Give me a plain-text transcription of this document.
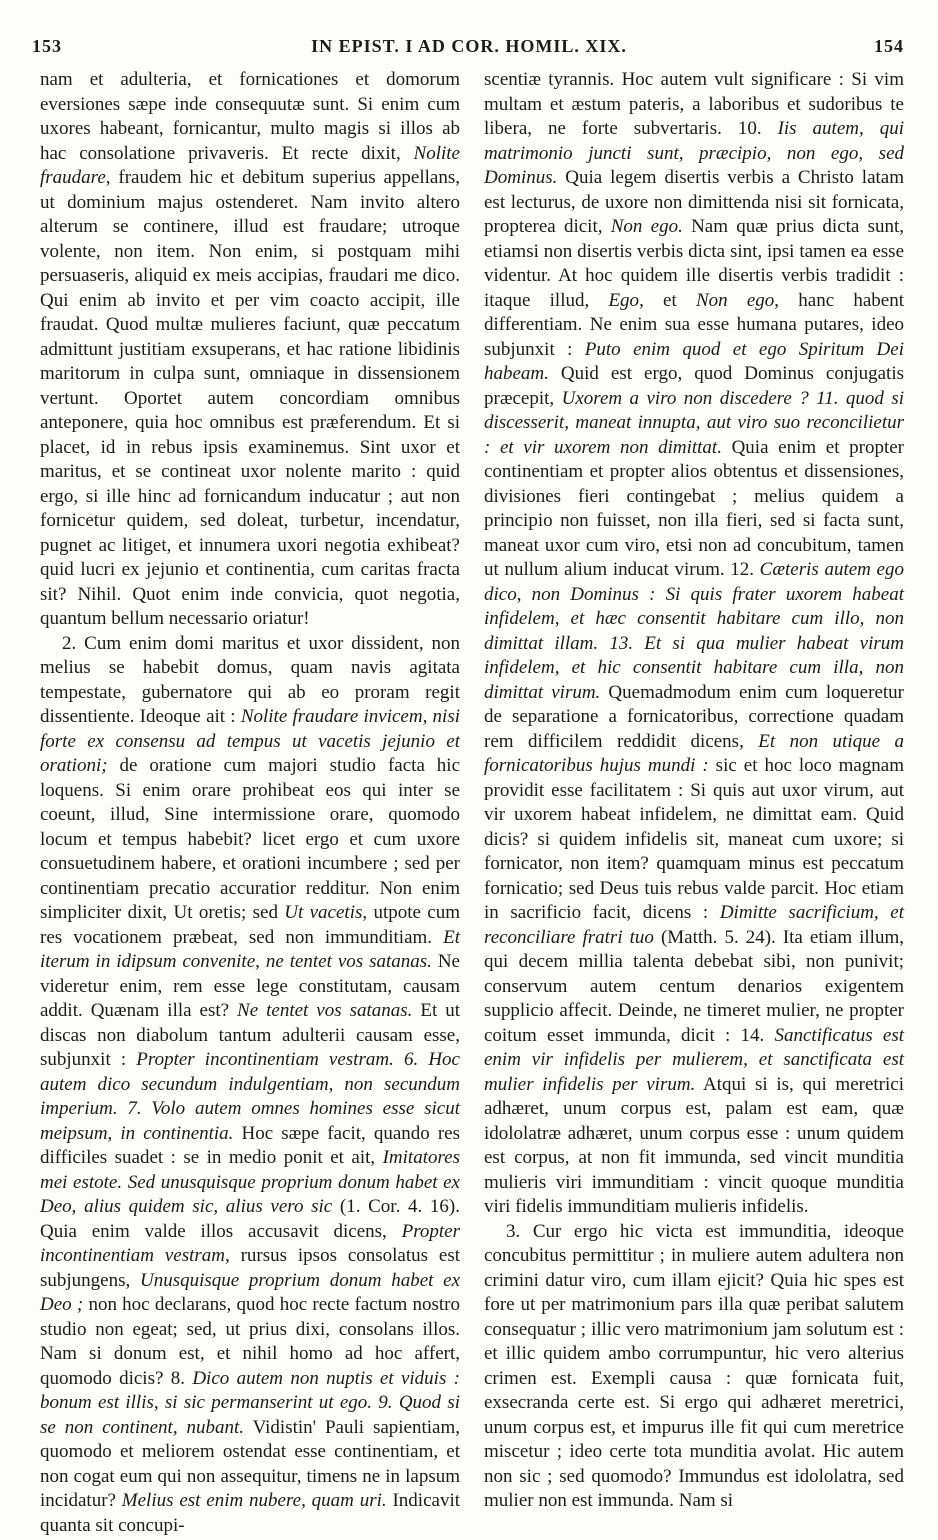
153	IN EPIST. I AD COR. HOMIL. XIX.	154

nam et adulteria, et fornicationes et domorum eversiones sæpe inde consequutæ sunt. Si enim cum uxores habeant, fornicantur, multo magis si illos ab hac consolatione privaveris. Et recte dixit, Nolite fraudare, fraudem hic et debitum superius appellans, ut dominium majus ostenderet. Nam invito altero alterum se continere, illud est fraudare; utroque volente, non item. Non enim, si postquam mihi persuaseris, aliquid ex meis accipias, fraudari me dico. Qui enim ab invito et per vim coacto accipit, ille fraudat. Quod multæ mulieres faciunt, quæ peccatum admittunt justitiam exsuperans, et hac ratione libidinis maritorum in culpa sunt, omniaque in dissensionem vertunt. Oportet autem concordiam omnibus anteponere, quia hoc omnibus est præferendum. Et si placet, id in rebus ipsis examinemus. Sint uxor et maritus, et se contineat uxor nolente marito : quid ergo, si ille hinc ad fornicandum inducatur ; aut non fornicetur quidem, sed doleat, turbetur, incendatur, pugnet ac litiget, et innumera uxori negotia exhibeat? quid lucri ex jejunio et continentia, cum caritas fracta sit? Nihil. Quot enim inde convicia, quot negotia, quantum bellum necessario oriatur!

2. Cum enim domi maritus et uxor dissident, non melius se habebit domus, quam navis agitata tempestate, gubernatore qui ab eo proram regit dissentiente. Ideoque ait : Nolite fraudare invicem, nisi forte ex consensu ad tempus ut vacetis jejunio et orationi; de oratione cum majori studio facta hic loquens. Si enim orare prohibeat eos qui inter se coeunt, illud, Sine intermissione orare, quomodo locum et tempus habebit? licet ergo et cum uxore consuetudinem habere, et orationi incumbere ; sed per continentiam precatio accuratior redditur. Non enim simpliciter dixit, Ut oretis; sed Ut vacetis, utpote cum res vocationem præbeat, sed non immunditiam. Et iterum in idipsum convenite, ne tentet vos satanas. Ne videretur enim, rem esse lege constitutam, causam addit. Quænam illa est? Ne tentet vos satanas. Et ut discas non diabolum tantum adulterii causam esse, subjunxit : Propter incontinentiam vestram. 6. Hoc autem dico secundum indulgentiam, non secundum imperium. 7. Volo autem omnes homines esse sicut meipsum, in continentia. Hoc sæpe facit, quando res difficiles suadet : se in medio ponit et ait, Imitatores mei estote. Sed unusquisque proprium donum habet ex Deo, alius quidem sic, alius vero sic (1. Cor. 4. 16). Quia enim valde illos accusavit dicens, Propter incontinentiam vestram, rursus ipsos consolatus est subjungens, Unusquisque proprium donum habet ex Deo ; non hoc declarans, quod hoc recte factum nostro studio non egeat; sed, ut prius dixi, consolans illos. Nam si donum est, et nihil homo ad hoc affert, quomodo dicis? 8. Dico autem non nuptis et viduis : bonum est illis, si sic permanserint ut ego. 9. Quod si se non continent, nubant. Vidistin' Pauli sapientiam, quomodo et meliorem ostendat esse continentiam, et non cogat eum qui non assequitur, timens ne in lapsum incidatur? Melius est enim nubere, quam uri. Indicavit quanta sit concupi-

scentiæ tyrannis. Hoc autem vult significare : Si vim multam et æstum pateris, a laboribus et sudoribus te libera, ne forte subvertaris. 10. Iis autem, qui matrimonio juncti sunt, præcipio, non ego, sed Dominus. Quia legem disertis verbis a Christo latam est lecturus, de uxore non dimittenda nisi sit fornicata, propterea dicit, Non ego. Nam quæ prius dicta sunt, etiamsi non disertis verbis dicta sint, ipsi tamen ea esse videntur. At hoc quidem ille disertis verbis tradidit : itaque illud, Ego, et Non ego, hanc habent differentiam. Ne enim sua esse humana putares, ideo subjunxit : Puto enim quod et ego Spiritum Dei habeam. Quid est ergo, quod Dominus conjugatis præcepit, Uxorem a viro non discedere ? 11. quod si discesserit, maneat innupta, aut viro suo reconcilietur : et vir uxorem non dimittat. Quia enim et propter continentiam et propter alios obtentus et dissensiones, divisiones fieri contingebat ; melius quidem a principio non fuisset, non illa fieri, sed si facta sunt, maneat uxor cum viro, etsi non ad concubitum, tamen ut nullum alium inducat virum. 12. Cæteris autem ego dico, non Dominus : Si quis frater uxorem habeat infidelem, et hæc consentit habitare cum illo, non dimittat illam. 13. Et si qua mulier habeat virum infidelem, et hic consentit habitare cum illa, non dimittat virum. Quemadmodum enim cum loqueretur de separatione a fornicatoribus, correctione quadam rem difficilem reddidit dicens, Et non utique a fornicatoribus hujus mundi : sic et hoc loco magnam providit esse facilitatem : Si quis aut uxor virum, aut vir uxorem habeat infidelem, ne dimittat eam. Quid dicis? si quidem infidelis sit, maneat cum uxore; si fornicator, non item? quamquam minus est peccatum fornicatio; sed Deus tuis rebus valde parcit. Hoc etiam in sacrificio facit, dicens : Dimitte sacrificium, et reconciliare fratri tuo (Matth. 5. 24). Ita etiam illum, qui decem millia talenta debebat sibi, non punivit; conservum autem centum denarios exigentem supplicio affecit. Deinde, ne timeret mulier, ne propter coitum esset immunda, dicit : 14. Sanctificatus est enim vir infidelis per mulierem, et sanctificata est mulier infidelis per virum. Atqui si is, qui meretrici adhæret, unum corpus est, palam est eam, quæ idololatræ adhæret, unum corpus esse : unum quidem est corpus, at non fit immunda, sed vincit munditia mulieris viri immunditiam : vincit quoque munditia viri fidelis immunditiam mulieris infidelis.

3. Cur ergo hic victa est immunditia, ideoque concubitus permittitur ; in muliere autem adultera non crimini datur viro, cum illam ejicit? Quia hic spes est fore ut per matrimonium pars illa quæ peribat salutem consequatur ; illic vero matrimonium jam solutum est : et illic quidem ambo corrumpuntur, hic vero alterius crimen est. Exempli causa : quæ fornicata fuit, exsecranda certe est. Si ergo qui adhæret meretrici, unum corpus est, et impurus ille fit qui cum meretrice miscetur ; ideo certe tota munditia avolat. Hic autem non sic ; sed quomodo? Immundus est idololatra, sed mulier non est immunda. Nam si
